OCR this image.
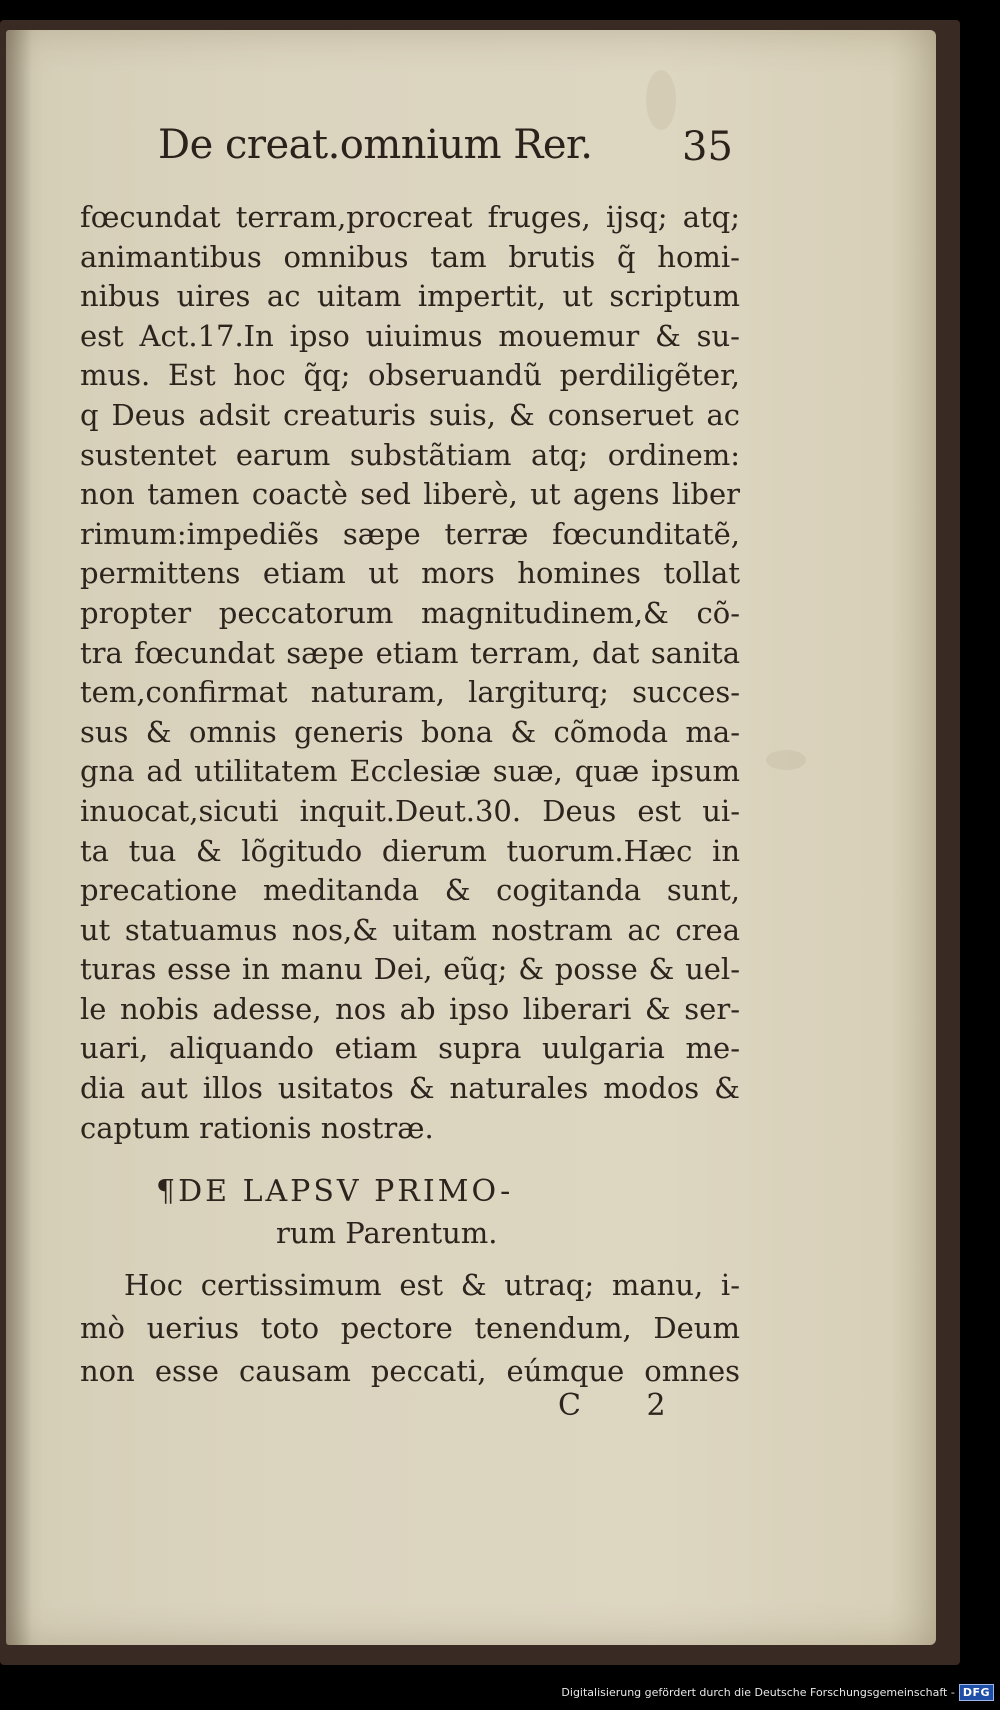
De creat.omnium Rer. 35
fœcundat terram,procreat fruges, ijsq; atq;
animantibus omnibus tam brutis q̃ homi-
nibus uires ac uitam impertit, ut scriptum
est Act.17.In ipso uiuimus mouemur & su-
mus. Est hoc q̃q; obseruandũ perdiligẽter,
q Deus adsit creaturis suis, & conseruet ac
sustentet earum substãtiam atq; ordinem:
non tamen coactè sed liberè, ut agens liber
rimum:impediẽs sæpe terræ fœcunditatẽ,
permittens etiam ut mors homines tollat
propter peccatorum magnitudinem,& cõ-
tra fœcundat sæpe etiam terram, dat sanita
tem,confirmat naturam, largiturq; succes-
sus & omnis generis bona & cõmoda ma-
gna ad utilitatem Ecclesiæ suæ, quæ ipsum
inuocat,sicuti inquit.Deut.30. Deus est ui-
ta tua & lõgitudo dierum tuorum.Hæc in
precatione meditanda & cogitanda sunt,
ut statuamus nos,& uitam nostram ac crea
turas esse in manu Dei, eũq; & posse & uel-
le nobis adesse, nos ab ipso liberari & ser-
uari, aliquando etiam supra uulgaria me-
dia aut illos usitatos & naturales modos &
captum rationis nostræ.
¶DE LAPSV PRIMO-
rum Parentum.
Hoc certissimum est & utraq; manu, i-
mò uerius toto pectore tenendum, Deum
non esse causam peccati, eúmque omnes
C 2
Digitalisierung gefördert durch die Deutsche Forschungsgemeinschaft - DFG
